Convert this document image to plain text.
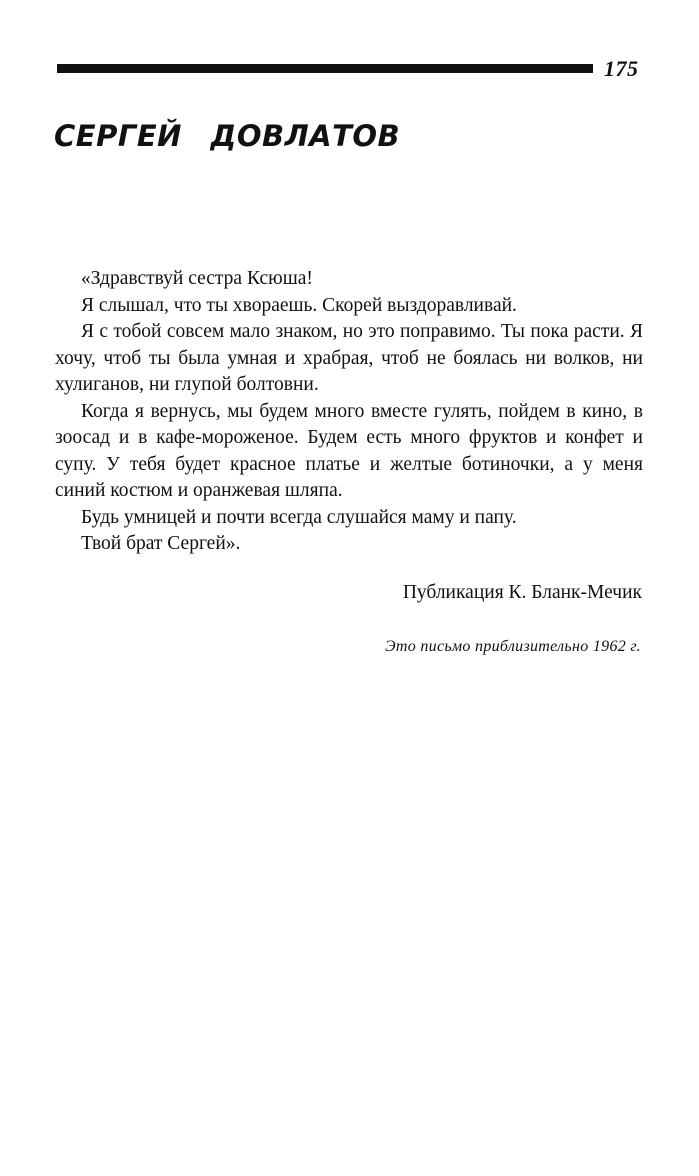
175
СЕРГЕЙ ДОВЛАТОВ

«Здравствуй сестра Ксюша!

Я слышал, что ты хвораешь. Скорей выздоравливай.

Я с тобой совсем мало знаком, но это поправимо. Ты пока расти. Я хочу, чтоб ты была умная и храбрая, чтоб не боялась ни волков, ни хулиганов, ни глупой болтовни.

Когда я вернусь, мы будем много вместе гулять, пойдем в кино, в зоосад и в кафе-мороженое. Будем есть много фруктов и конфет и супу. У тебя будет красное платье и желтые ботиночки, а у меня синий костюм и оранжевая шляпа.

Будь умницей и почти всегда слушайся маму и папу.

Твой брат Сергей».

Публикация К. Бланк-Мечик
Это письмо приблизительно 1962 г.
